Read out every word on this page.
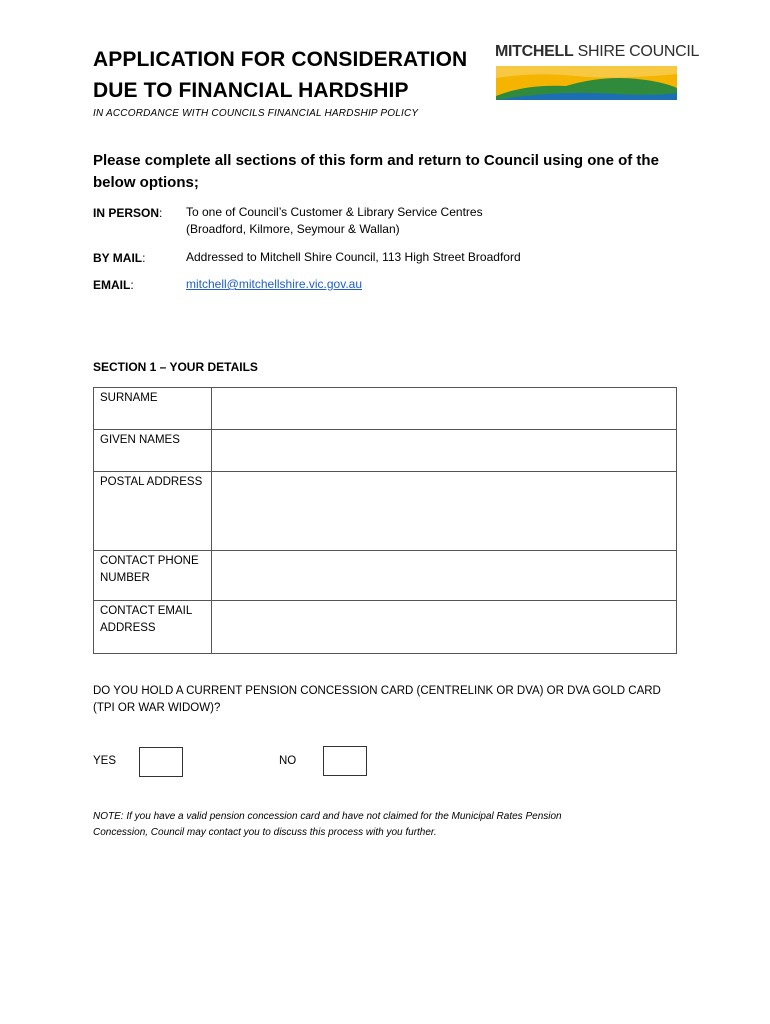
APPLICATION FOR CONSIDERATION
DUE TO FINANCIAL HARDSHIP
IN ACCORDANCE WITH COUNCILS FINANCIAL HARDSHIP POLICY
MITCHELL SHIRE COUNCIL
Please complete all sections of this form and return to Council using one of the below options;
IN PERSON: To one of Council’s Customer & Library Service Centres
(Broadford, Kilmore, Seymour & Wallan)
BY MAIL:	Addressed to Mitchell Shire Council, 113 High Street Broadford
EMAIL:	mitchell@mitchellshire.vic.gov.au
SECTION 1 – YOUR DETAILS
SURNAME	
GIVEN NAMES	
POSTAL ADDRESS	

CONTACT PHONE
NUMBER	

CONTACT EMAIL
ADDRESS	

DO YOU HOLD A CURRENT PENSION CONCESSION CARD (CENTRELINK OR DVA) OR DVA GOLD CARD
(TPI OR WAR WIDOW)?
YES	NO
NOTE: If you have a valid pension concession card and have not claimed for the Municipal Rates Pension
Concession, Council may contact you to discuss this process with you further.
